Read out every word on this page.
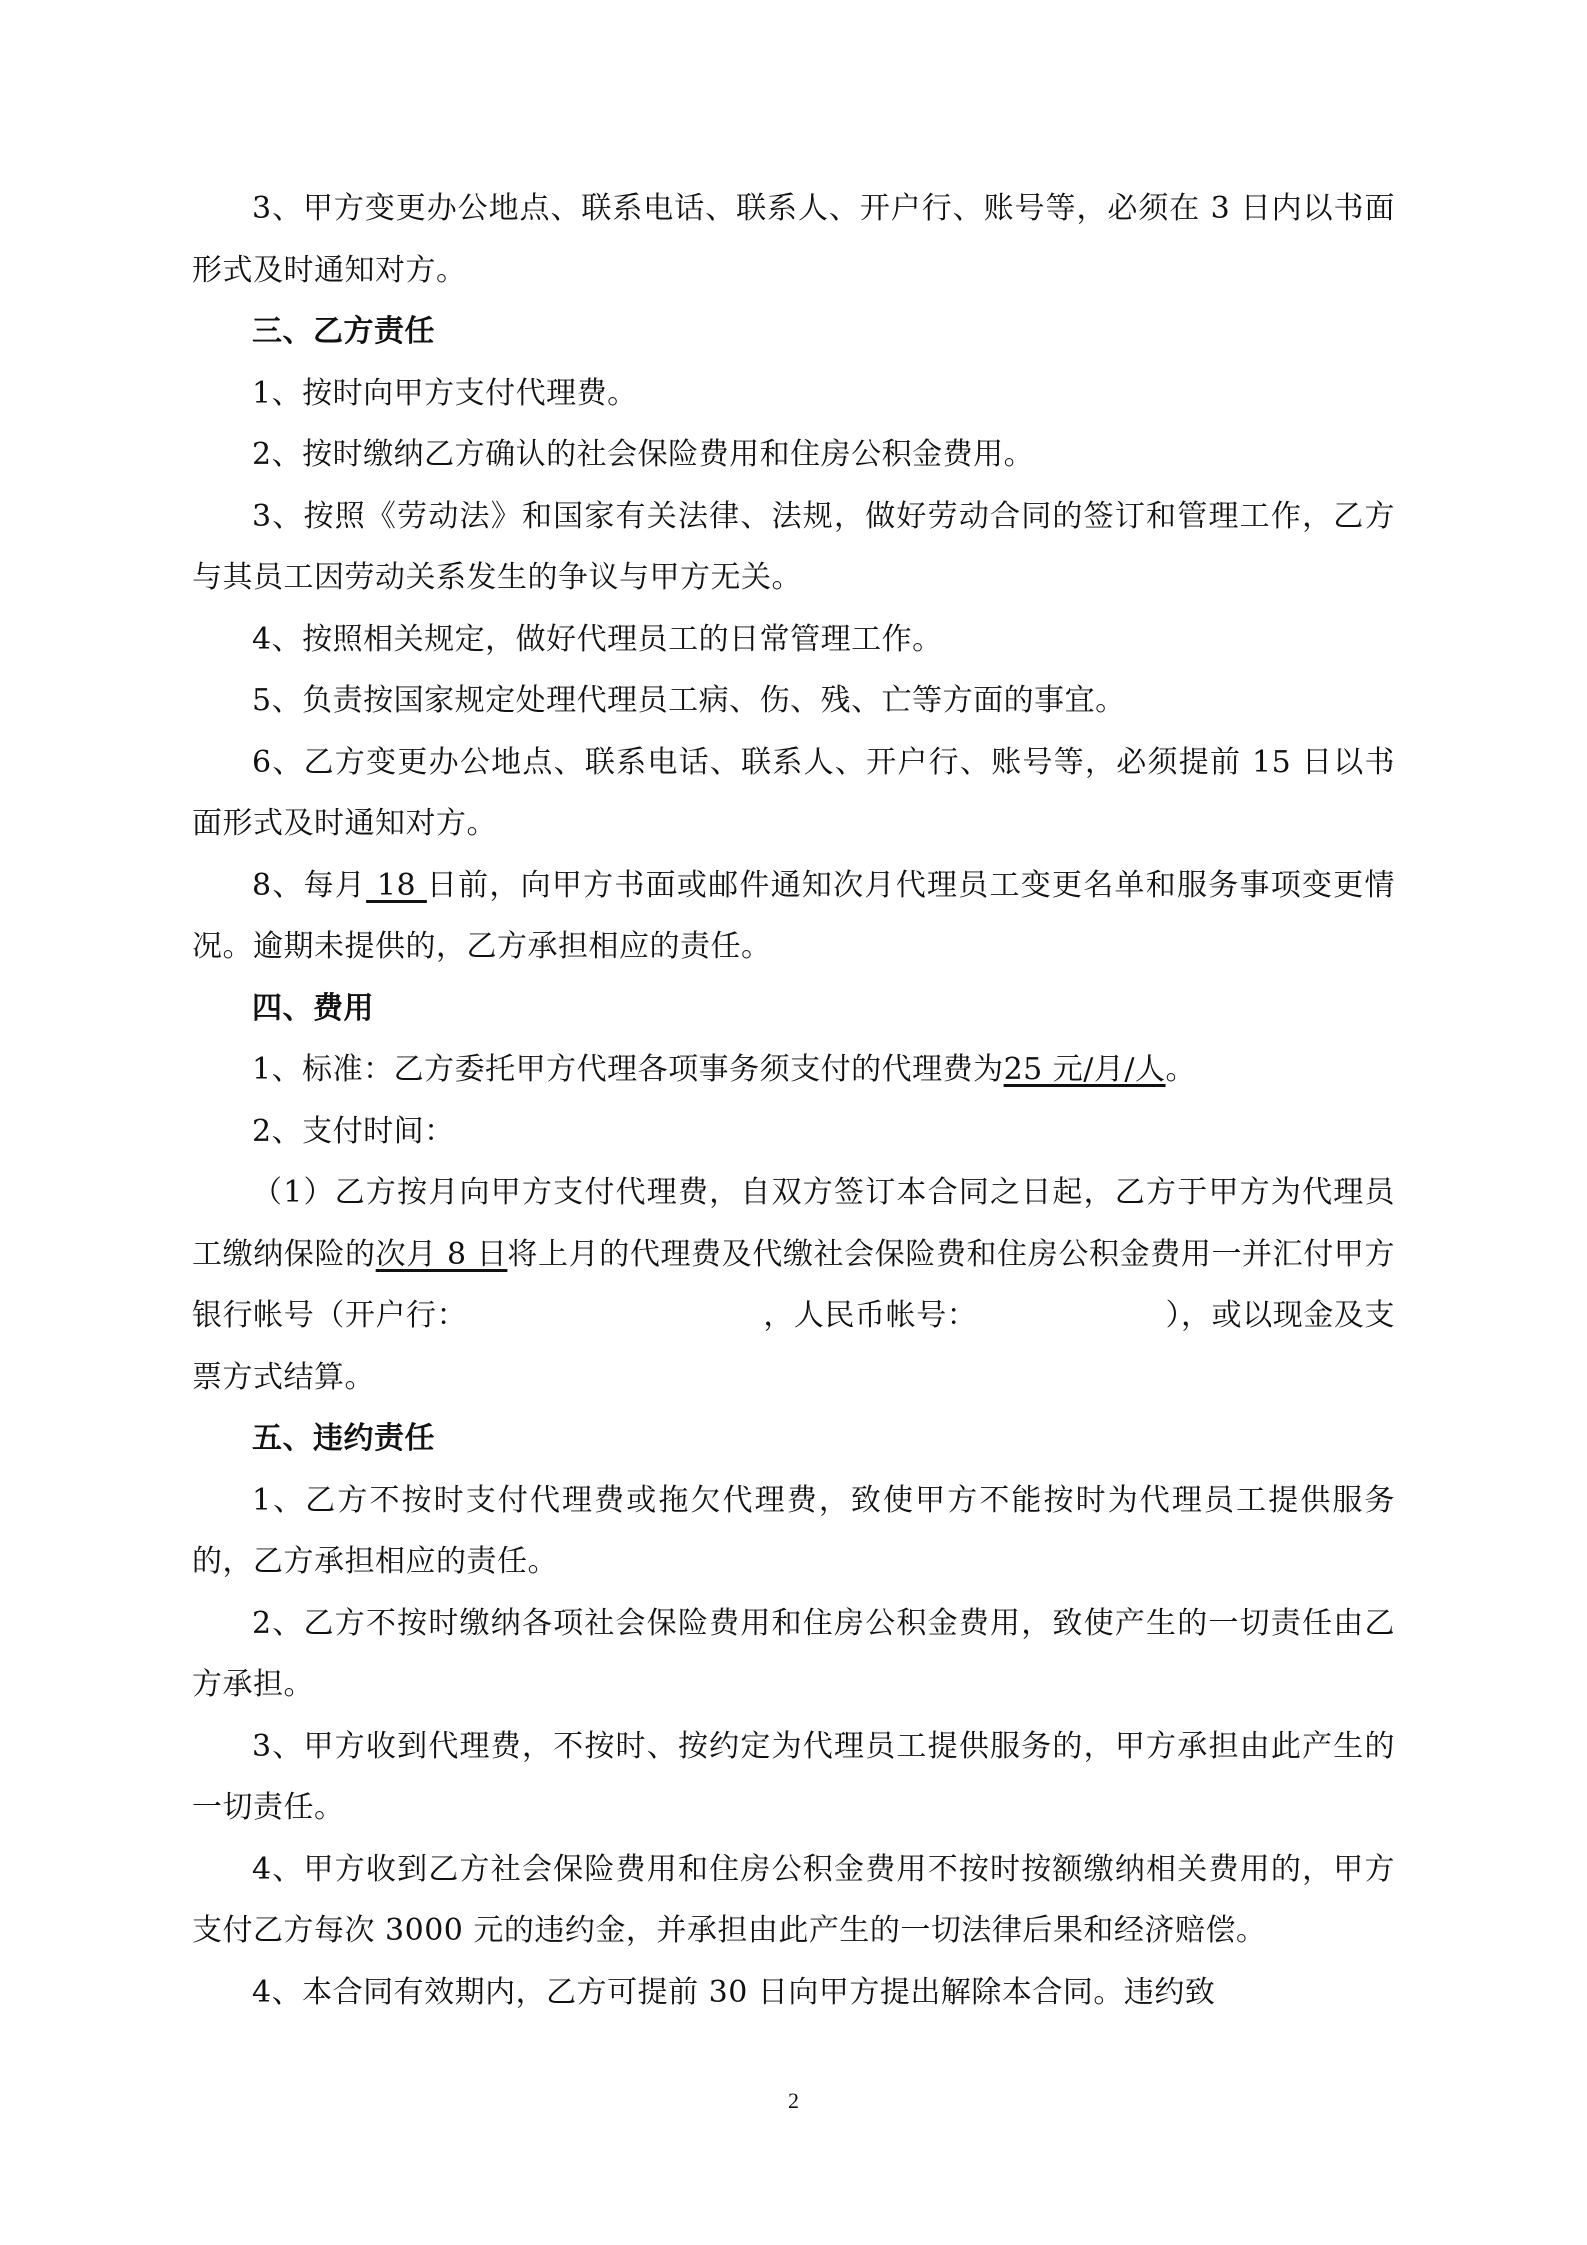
3、甲方变更办公地点、联系电话、联系人、开户行、账号等，必须在 3 日内以书面形式及时通知对方。

三、乙方责任

1、按时向甲方支付代理费。

2、按时缴纳乙方确认的社会保险费用和住房公积金费用。

3、按照《劳动法》和国家有关法律、法规，做好劳动合同的签订和管理工作，乙方与其员工因劳动关系发生的争议与甲方无关。

4、按照相关规定，做好代理员工的日常管理工作。

5、负责按国家规定处理代理员工病、伤、残、亡等方面的事宜。

6、乙方变更办公地点、联系电话、联系人、开户行、账号等，必须提前 15 日以书面形式及时通知对方。

8、每月 18 日前，向甲方书面或邮件通知次月代理员工变更名单和服务事项变更情况。逾期未提供的，乙方承担相应的责任。

四、费用

1、标准：乙方委托甲方代理各项事务须支付的代理费为25 元/月/人。

2、支付时间：

（1）乙方按月向甲方支付代理费，自双方签订本合同之日起，乙方于甲方为代理员工缴纳保险的次月 8 日将上月的代理费及代缴社会保险费和住房公积金费用一并汇付甲方银行帐号（开户行：	，人民币帐号：	），或以现金及支票方式结算。

五、违约责任

1、乙方不按时支付代理费或拖欠代理费，致使甲方不能按时为代理员工提供服务的，乙方承担相应的责任。

2、乙方不按时缴纳各项社会保险费用和住房公积金费用，致使产生的一切责任由乙方承担。

3、甲方收到代理费，不按时、按约定为代理员工提供服务的，甲方承担由此产生的一切责任。

4、甲方收到乙方社会保险费用和住房公积金费用不按时按额缴纳相关费用的，甲方支付乙方每次 3000 元的违约金，并承担由此产生的一切法律后果和经济赔偿。

4、本合同有效期内，乙方可提前 30 日向甲方提出解除本合同。违约致

2
